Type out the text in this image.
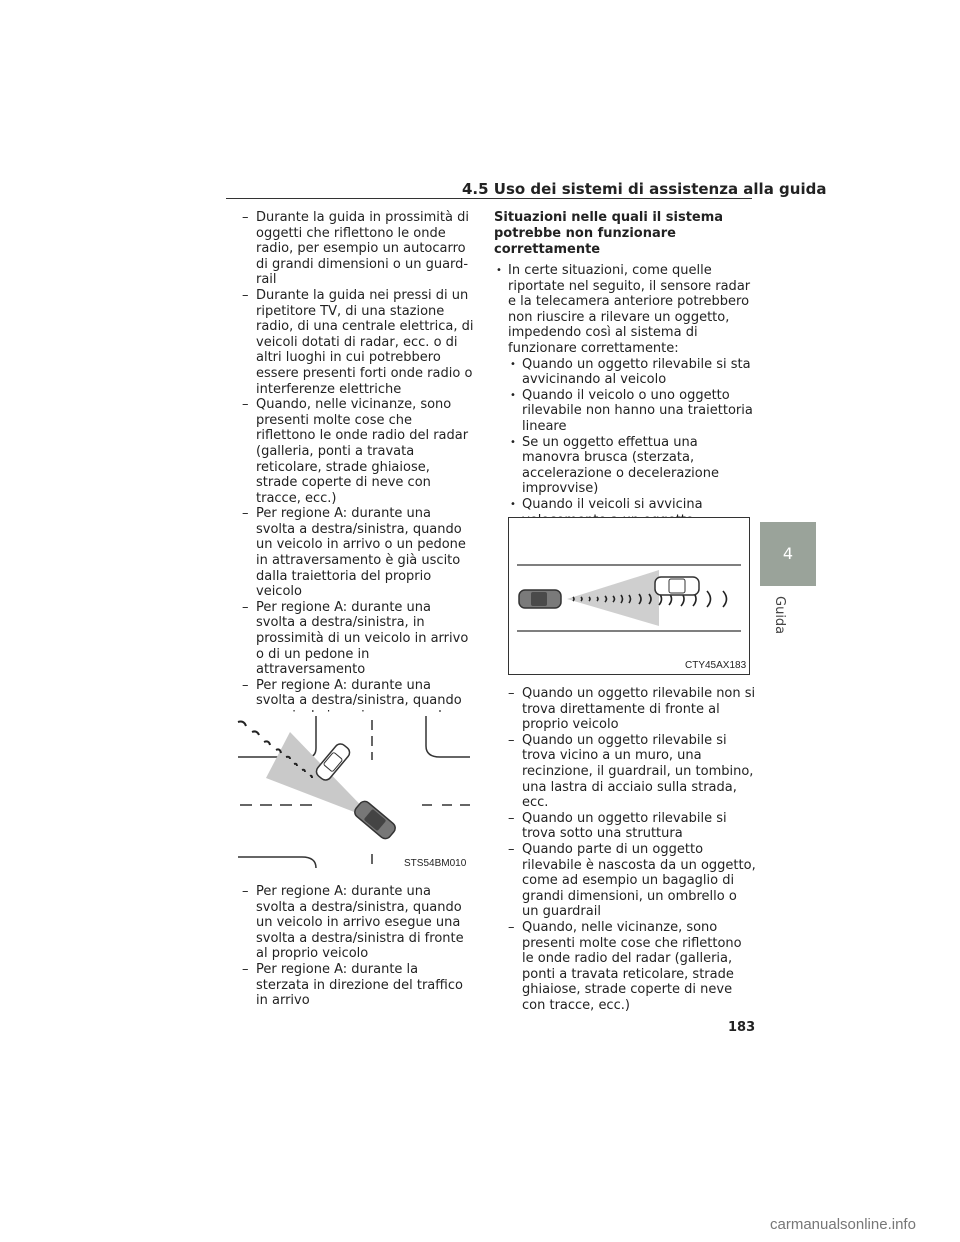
4.5 Uso dei sistemi di assistenza alla guida
– Durante la guida in prossimità di oggetti che riflettono le onde radio, per esempio un autocarro di grandi dimensioni o un guard-rail
– Durante la guida nei pressi di un ripetitore TV, di una stazione radio, di una centrale elettrica, di veicoli dotati di radar, ecc. o di altri luoghi in cui potrebbero essere presenti forti onde radio o interferenze elettriche
– Quando, nelle vicinanze, sono presenti molte cose che riflettono le onde radio del radar (galleria, ponti a travata reticolare, strade ghiaiose, strade coperte di neve con tracce, ecc.)
– Per regione A: durante una svolta a destra/sinistra, quando un veicolo in arrivo o un pedone in attraversamento è già uscito dalla traiettoria del proprio veicolo
– Per regione A: durante una svolta a destra/sinistra, in prossimità di un veicolo in arrivo o di un pedone in attraversamento
– Per regione A: durante una svolta a destra/sinistra, quando
STS54BM010
– Per regione A: durante una svolta a destra/sinistra, quando un veicolo in arrivo esegue una svolta a destra/sinistra di fronte al proprio veicolo
– Per regione A: durante la sterzata in direzione del traffico in arrivo
Situazioni nelle quali il sistema potrebbe non funzionare correttamente
• In certe situazioni, come quelle riportate nel seguito, il sensore radar e la telecamera anteriore potrebbero non riuscire a rilevare un oggetto, impedendo così al sistema di funzionare correttamente:
• Quando un oggetto rilevabile si sta avvicinando al veicolo
• Quando il veicolo o uno oggetto rilevabile non hanno una traiettoria lineare
• Se un oggetto effettua una manovra brusca (sterzata, accelerazione o decelerazione improvvise)
• Quando il veicoli si avvicina
CTY45AX183
– Quando un oggetto rilevabile non si trova direttamente di fronte al proprio veicolo
– Quando un oggetto rilevabile si trova vicino a un muro, una recinzione, il guardrail, un tombino, una lastra di acciaio sulla strada, ecc.
– Quando un oggetto rilevabile si trova sotto una struttura
– Quando parte di un oggetto rilevabile è nascosta da un oggetto, come ad esempio un bagaglio di grandi dimensioni, un ombrello o un guardrail
– Quando, nelle vicinanze, sono presenti molte cose che riflettono le onde radio del radar (galleria, ponti a travata reticolare, strade ghiaiose, strade coperte di neve con tracce, ecc.)
4
Guida
183
carmanualsonline.info
